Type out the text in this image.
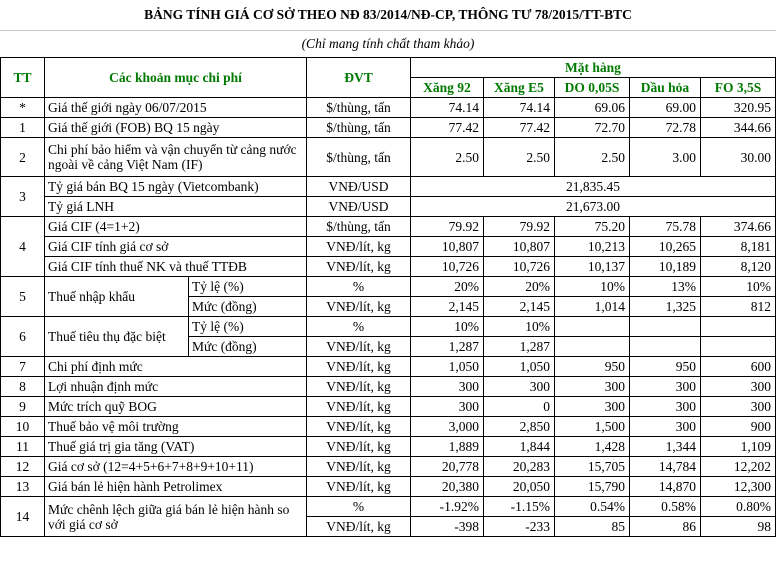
BẢNG TÍNH GIÁ CƠ SỞ THEO NĐ 83/2014/NĐ-CP, THÔNG TƯ 78/2015/TT-BTC
(Chỉ mang tính chất tham khảo)
TT	Các khoản mục chi phí		ĐVT	Mặt hàng				
				Xăng 92	Xăng E5	DO 0,05S	Dầu hỏa	FO 3,5S
*	Giá thế giới ngày 06/07/2015		$/thùng, tấn	74.14	74.14	69.06	69.00	320.95
1	Giá thế giới (FOB) BQ 15 ngày		$/thùng, tấn	77.42	77.42	72.70	72.78	344.66
2	Chi phí bảo hiểm và vận chuyển từ cảng nước ngoài về cảng Việt Nam (IF)		$/thùng, tấn	2.50	2.50	2.50	3.00	30.00
3	Tỷ giá bán BQ 15 ngày (Vietcombank)		VNĐ/USD	21,835.45				
	Tỷ giá LNH		VNĐ/USD	21,673.00				
4	Giá CIF (4=1+2)		$/thùng, tấn	79.92	79.92	75.20	75.78	374.66
	Giá CIF tính giá cơ sở		VNĐ/lít, kg	10,807	10,807	10,213	10,265	8,181
	Giá CIF tính thuế NK và thuế TTĐB		VNĐ/lít, kg	10,726	10,726	10,137	10,189	8,120
5	Thuế nhập khẩu	Tỷ lệ (%)	%	20%	20%	10%	13%	10%
		Mức (đồng)	VNĐ/lít, kg	2,145	2,145	1,014	1,325	812
6	Thuế tiêu thụ đặc biệt	Tỷ lệ (%)	%	10%	10%			
		Mức (đồng)	VNĐ/lít, kg	1,287	1,287			
7	Chi phí định mức		VNĐ/lít, kg	1,050	1,050	950	950	600
8	Lợi nhuận định mức		VNĐ/lít, kg	300	300	300	300	300
9	Mức trích quỹ BOG		VNĐ/lít, kg	300	0	300	300	300
10	Thuế bảo vệ môi trường		VNĐ/lít, kg	3,000	2,850	1,500	300	900
11	Thuế giá trị gia tăng (VAT)		VNĐ/lít, kg	1,889	1,844	1,428	1,344	1,109
12	Giá cơ sở (12=4+5+6+7+8+9+10+11)		VNĐ/lít, kg	20,778	20,283	15,705	14,784	12,202
13	Giá bán lẻ hiện hành Petrolimex		VNĐ/lít, kg	20,380	20,050	15,790	14,870	12,300
14	Mức chênh lệch giữa giá bán lẻ hiện hành so với giá cơ sở		%	-1.92%	-1.15%	0.54%	0.58%	0.80%
			VNĐ/lít, kg	-398	-233	85	86	98
